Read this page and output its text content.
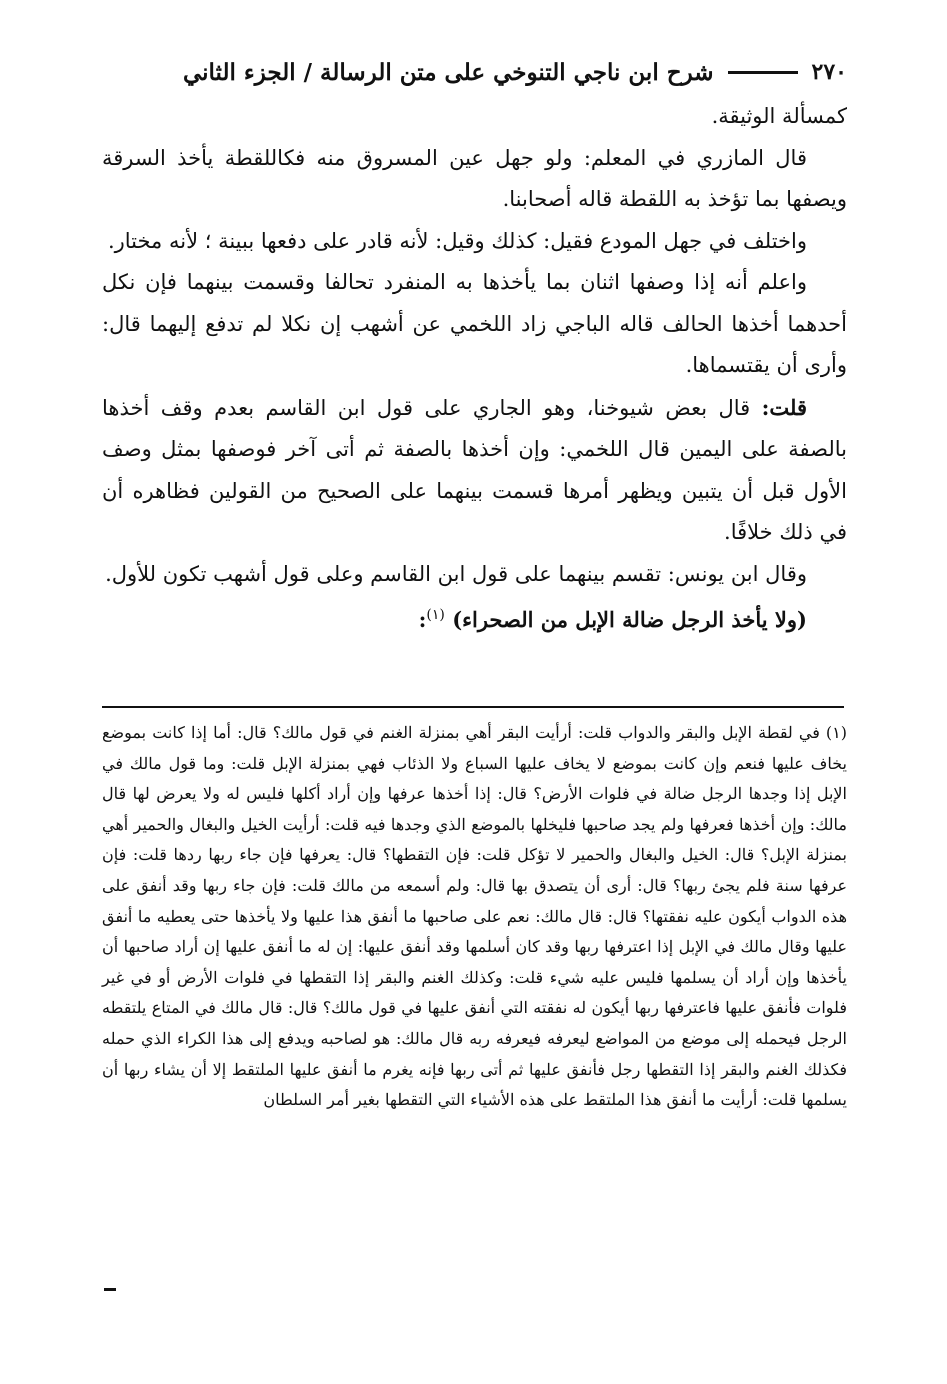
٢٧٠
شرح ابن ناجي التنوخي على متن الرسالة / الجزء الثاني

كمسألة الوثيقة.

قال المازري في المعلم: ولو جهل عين المسروق منه فكاللقطة يأخذ السرقة ويصفها بما تؤخذ به اللقطة قاله أصحابنا.

واختلف في جهل المودع فقيل: كذلك وقيل: لأنه قادر على دفعها ببينة ؛ لأنه مختار.

واعلم أنه إذا وصفها اثنان بما يأخذها به المنفرد تحالفا وقسمت بينهما فإن نكل أحدهما أخذها الحالف قاله الباجي زاد اللخمي عن أشهب إن نكلا لم تدفع إليهما قال: وأرى أن يقتسماها.

قلت: قال بعض شيوخنا، وهو الجاري على قول ابن القاسم بعدم وقف أخذها بالصفة على اليمين قال اللخمي: وإن أخذها بالصفة ثم أتى آخر فوصفها بمثل وصف الأول قبل أن يتبين ويظهر أمرها قسمت بينهما على الصحيح من القولين فظاهره أن في ذلك خلافًا.

وقال ابن يونس: تقسم بينهما على قول ابن القاسم وعلى قول أشهب تكون للأول.

(ولا يأخذ الرجل ضالة الإبل من الصحراء) $^{(١)}$:

(١)في لقطة الإبل والبقر والدواب قلت: أرأيت البقر أهي بمنزلة الغنم في قول مالك؟ قال: أما إذا كانت بموضع يخاف عليها فنعم وإن كانت بموضع لا يخاف عليها السباع ولا الذئاب فهي بمنزلة الإبل قلت: وما قول مالك في الإبل إذا وجدها الرجل ضالة في فلوات الأرض؟ قال: إذا أخذها عرفها وإن أراد أكلها فليس له ولا يعرض لها قال مالك: وإن أخذها فعرفها ولم يجد صاحبها فليخلها بالموضع الذي وجدها فيه قلت: أرأيت الخيل والبغال والحمير أهي بمنزلة الإبل؟ قال: الخيل والبغال والحمير لا تؤكل قلت: فإن التقطها؟ قال: يعرفها فإن جاء ربها ردها قلت: فإن عرفها سنة فلم يجئ ربها؟ قال: أرى أن يتصدق بها قال: ولم أسمعه من مالك قلت: فإن جاء ربها وقد أنفق على هذه الدواب أيكون عليه نفقتها؟ قال: قال مالك: نعم على صاحبها ما أنفق هذا عليها ولا يأخذها حتى يعطيه ما أنفق عليها وقال مالك في الإبل إذا اعترفها ربها وقد كان أسلمها وقد أنفق عليها: إن له ما أنفق عليها إن أراد صاحبها أن يأخذها وإن أراد أن يسلمها فليس عليه شيء قلت: وكذلك الغنم والبقر إذا التقطها في فلوات الأرض أو في غير فلوات فأنفق عليها فاعترفها ربها أيكون له نفقته التي أنفق عليها في قول مالك؟ قال: قال مالك في المتاع يلتقطه الرجل فيحمله إلى موضع من المواضع ليعرفه فيعرفه ربه قال مالك: هو لصاحبه ويدفع إلى هذا الكراء الذي حمله فكذلك الغنم والبقر إذا التقطها رجل فأنفق عليها ثم أتى ربها فإنه يغرم ما أنفق عليها الملتقط إلا أن يشاء ربها أن يسلمها قلت: أرأيت ما أنفق هذا الملتقط على هذه الأشياء التي التقطها بغير أمر السلطان
